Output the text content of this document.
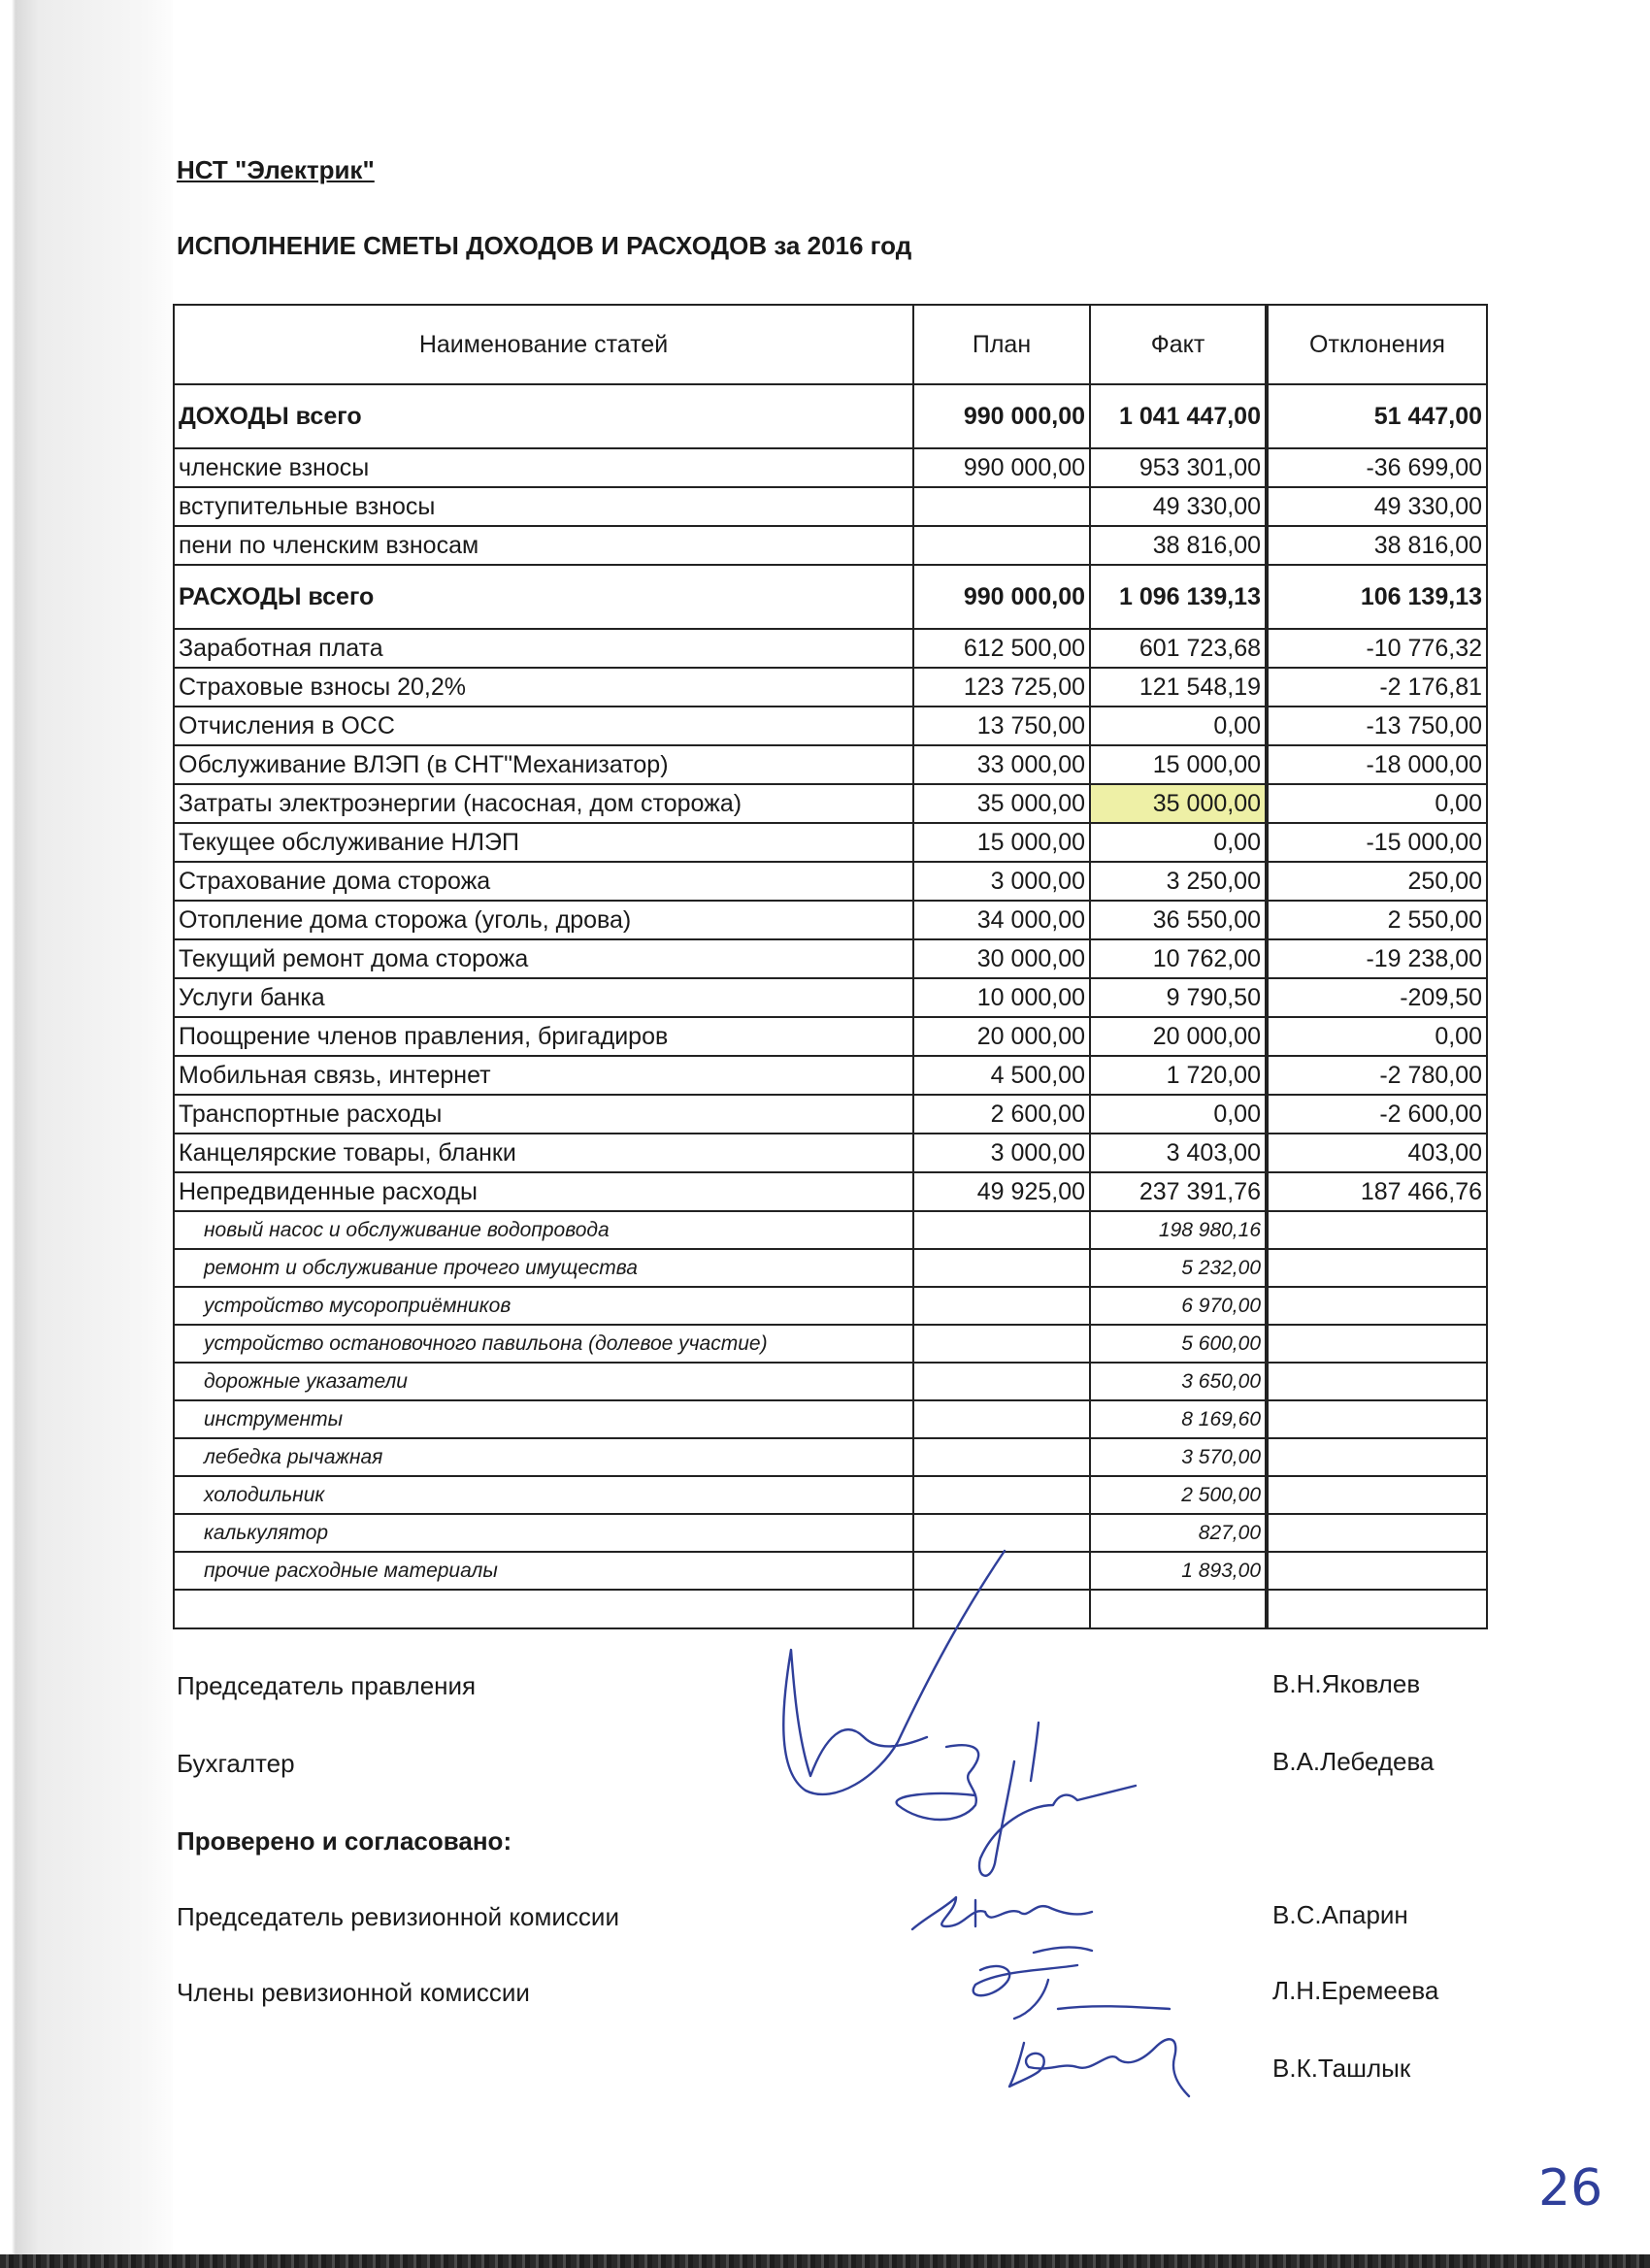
НСТ "Электрик"
ИСПОЛНЕНИЕ СМЕТЫ ДОХОДОВ И РАСХОДОВ за 2016 год
Наименование статей	План	Факт	Отклонения
ДОХОДЫ всего	990 000,00	1 041 447,00	51 447,00
членские взносы	990 000,00	953 301,00	-36 699,00
вступительные взносы		49 330,00	49 330,00
пени по членским взносам		38 816,00	38 816,00
РАСХОДЫ всего	990 000,00	1 096 139,13	106 139,13
Заработная плата	612 500,00	601 723,68	-10 776,32
Страховые взносы 20,2%	123 725,00	121 548,19	-2 176,81
Отчисления в ОСС	13 750,00	0,00	-13 750,00
Обслуживание ВЛЭП (в СНТ"Механизатор)	33 000,00	15 000,00	-18 000,00
Затраты электроэнергии (насосная, дом сторожа)	35 000,00	35 000,00	0,00
Текущее обслуживание НЛЭП	15 000,00	0,00	-15 000,00
Страхование дома сторожа	3 000,00	3 250,00	250,00
Отопление дома сторожа (уголь, дрова)	34 000,00	36 550,00	2 550,00
Текущий ремонт дома сторожа	30 000,00	10 762,00	-19 238,00
Услуги банка	10 000,00	9 790,50	-209,50
Поощрение членов правления, бригадиров	20 000,00	20 000,00	0,00
Мобильная связь, интернет	4 500,00	1 720,00	-2 780,00
Транспортные расходы	2 600,00	0,00	-2 600,00
Канцелярские товары, бланки	3 000,00	3 403,00	403,00
Непредвиденные расходы	49 925,00	237 391,76	187 466,76
новый насос и обслуживание водопровода		198 980,16	
ремонт и обслуживание прочего имущества		5 232,00	
устройство мусороприёмников		6 970,00	
устройство остановочного павильона (долевое участие)		5 600,00	
дорожные указатели		3 650,00	
инструменты		8 169,60	
лебедка рычажная		3 570,00	
холодильник		2 500,00	
калькулятор		827,00	
прочие расходные материалы		1 893,00	

Председатель правления	В.Н.Яковлев
Бухгалтер	В.А.Лебедева
Проверено и согласовано:
Председатель ревизионной комиссии	В.С.Апарин
Члены ревизионной комиссии	Л.Н.Еремеева
В.К.Ташлык
26
